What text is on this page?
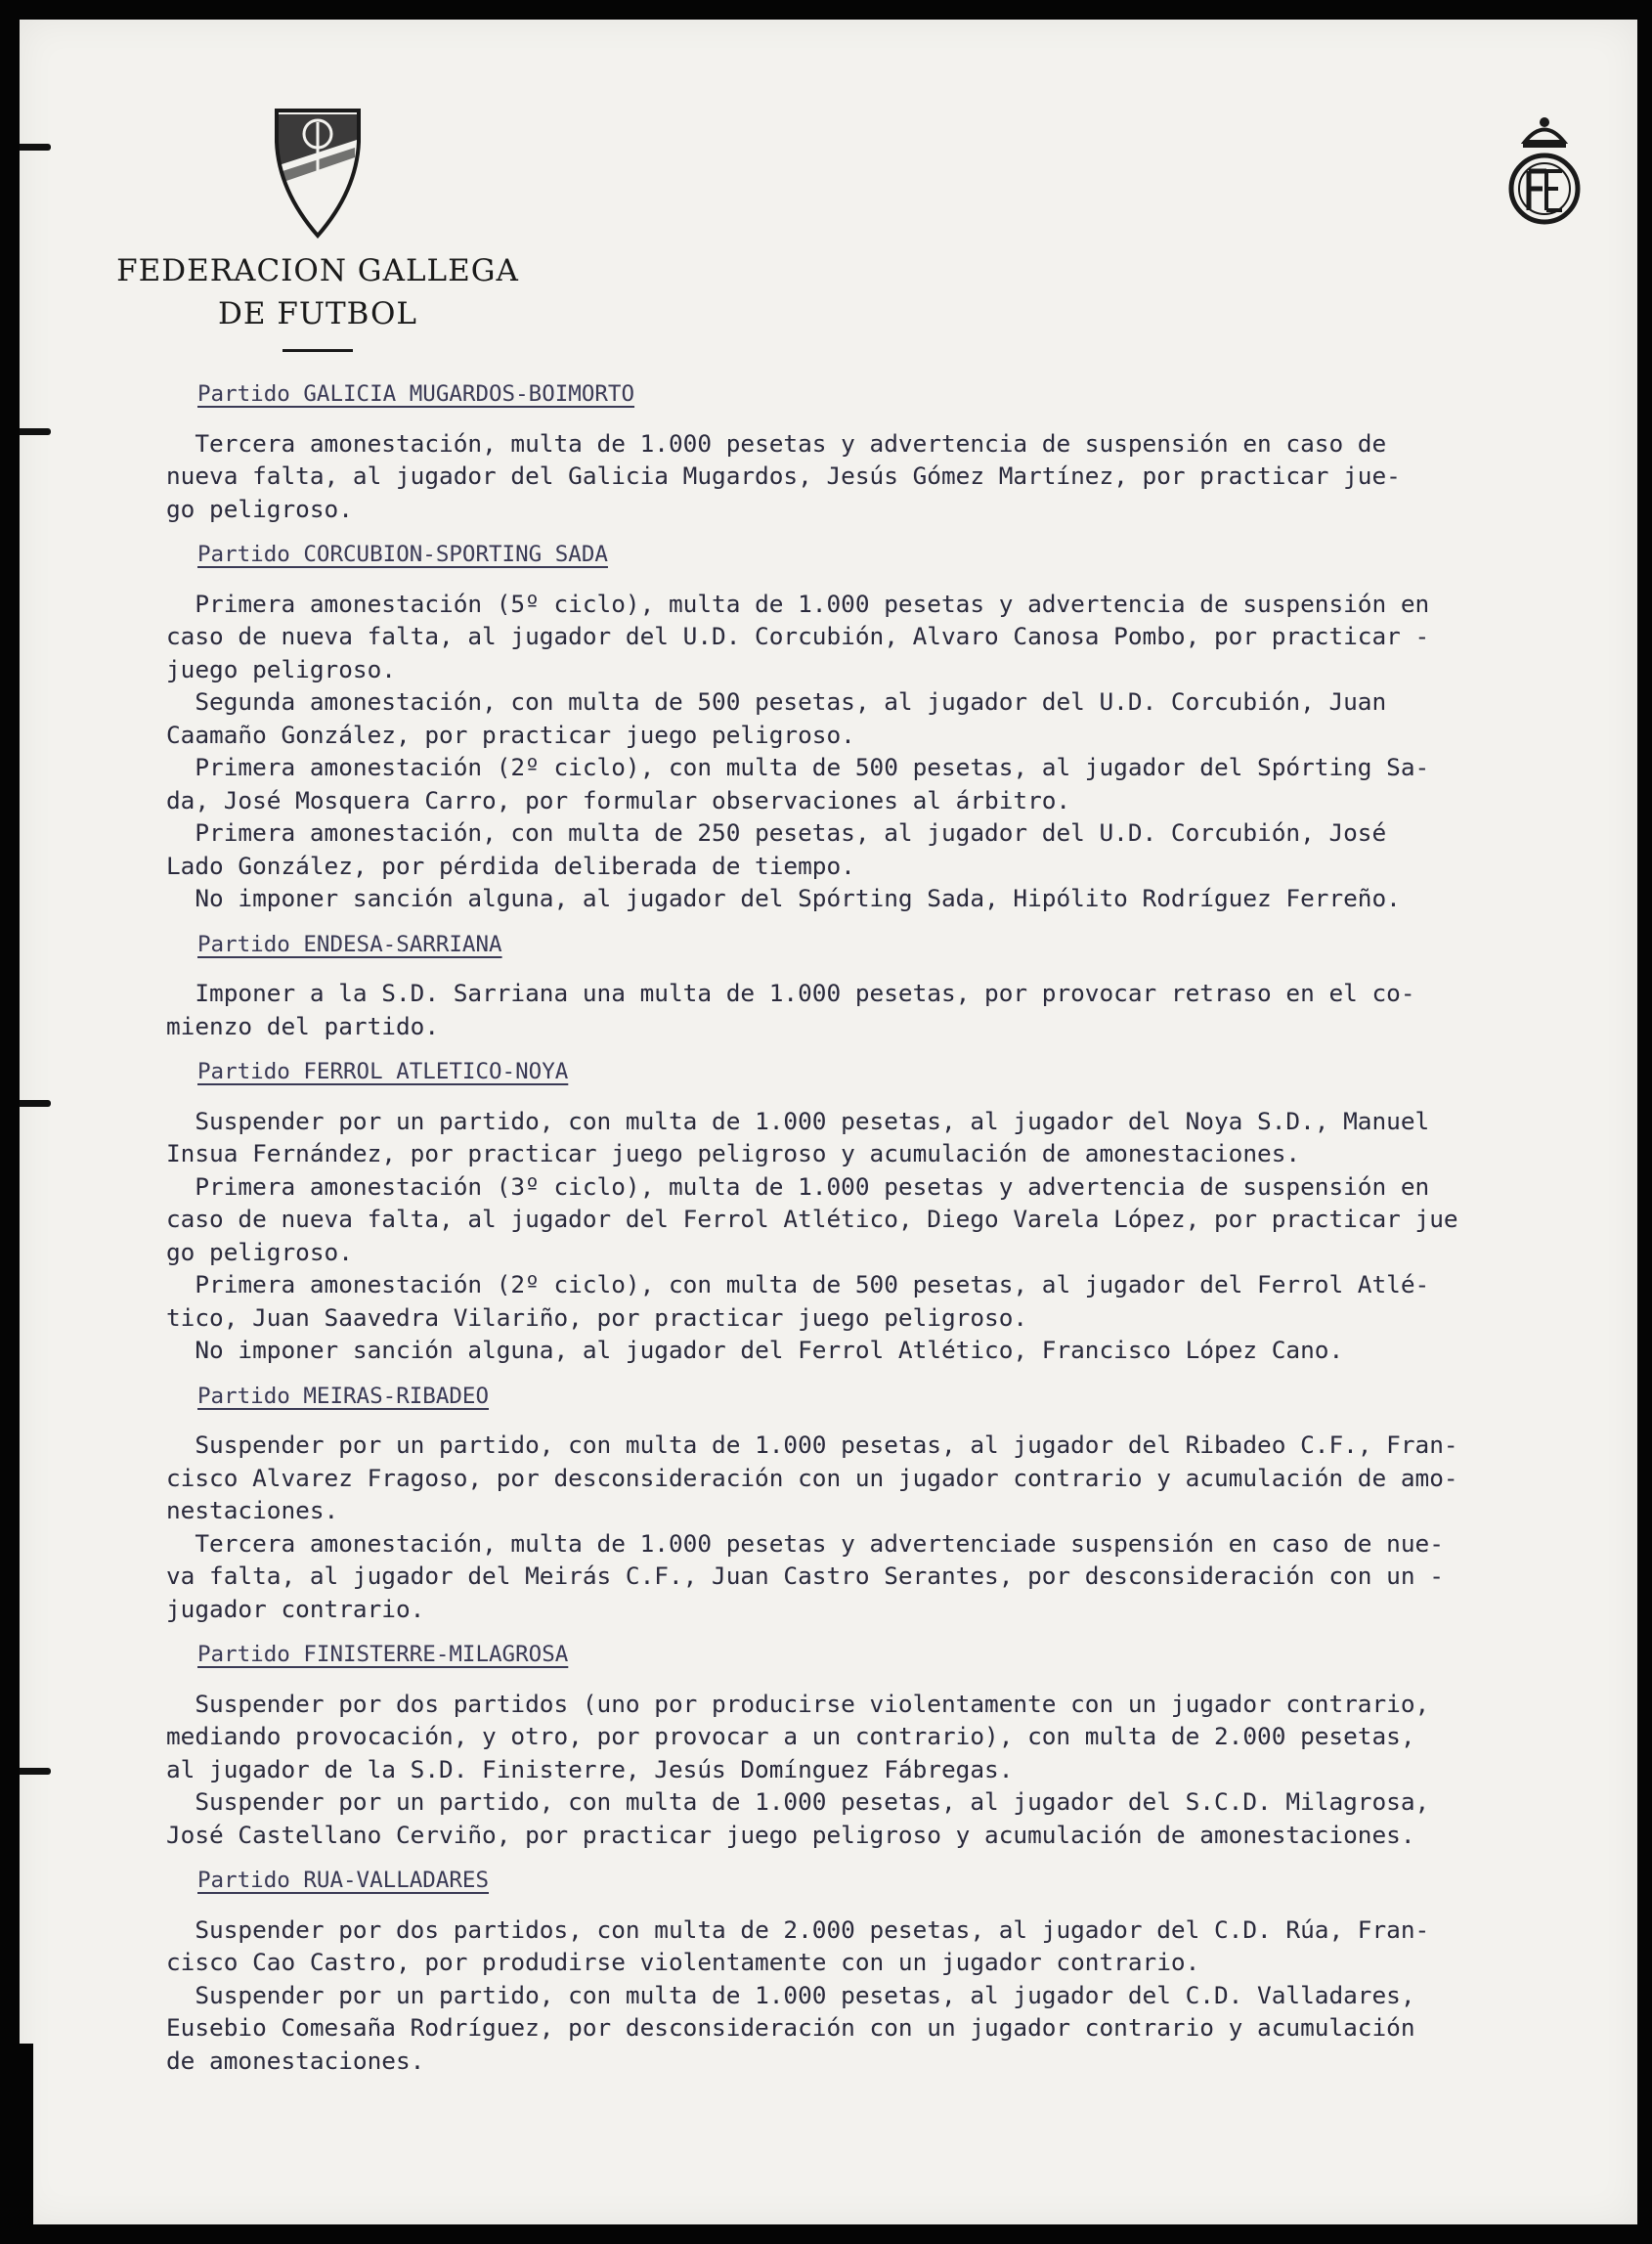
FEDERACION GALLEGA
DE FUTBOL
Partido GALICIA MUGARDOS-BOIMORTO

Tercera amonestación, multa de 1.000 pesetas y advertencia de suspensión en caso de
nueva falta, al jugador del Galicia Mugardos, Jesús Gómez Martínez, por practicar jue-
go peligroso.

Partido CORCUBION-SPORTING SADA

Primera amonestación (5º ciclo), multa de 1.000 pesetas y advertencia de suspensión en
caso de nueva falta, al jugador del U.D. Corcubión, Alvaro Canosa Pombo, por practicar -
juego peligroso.

Segunda amonestación, con multa de 500 pesetas, al jugador del U.D. Corcubión, Juan
Caamaño González, por practicar juego peligroso.

Primera amonestación (2º ciclo), con multa de 500 pesetas, al jugador del Spórting Sa-
da, José Mosquera Carro, por formular observaciones al árbitro.

Primera amonestación, con multa de 250 pesetas, al jugador del U.D. Corcubión, José
Lado González, por pérdida deliberada de tiempo.

No imponer sanción alguna, al jugador del Spórting Sada, Hipólito Rodríguez Ferreño.

Partido ENDESA-SARRIANA

Imponer a la S.D. Sarriana una multa de 1.000 pesetas, por provocar retraso en el co-
mienzo del partido.

Partido FERROL ATLETICO-NOYA

Suspender por un partido, con multa de 1.000 pesetas, al jugador del Noya S.D., Manuel
Insua Fernández, por practicar juego peligroso y acumulación de amonestaciones.

Primera amonestación (3º ciclo), multa de 1.000 pesetas y advertencia de suspensión en
caso de nueva falta, al jugador del Ferrol Atlético, Diego Varela López, por practicar jue
go peligroso.

Primera amonestación (2º ciclo), con multa de 500 pesetas, al jugador del Ferrol Atlé-
tico, Juan Saavedra Vilariño, por practicar juego peligroso.

No imponer sanción alguna, al jugador del Ferrol Atlético, Francisco López Cano.

Partido MEIRAS-RIBADEO

Suspender por un partido, con multa de 1.000 pesetas, al jugador del Ribadeo C.F., Fran-
cisco Alvarez Fragoso, por desconsideración con un jugador contrario y acumulación de amo-
nestaciones.

Tercera amonestación, multa de 1.000 pesetas y advertenciade suspensión en caso de nue-
va falta, al jugador del Meirás C.F., Juan Castro Serantes, por desconsideración con un -
jugador contrario.

Partido FINISTERRE-MILAGROSA

Suspender por dos partidos (uno por producirse violentamente con un jugador contrario,
mediando provocación, y otro, por provocar a un contrario), con multa de 2.000 pesetas,
al jugador de la S.D. Finisterre, Jesús Domínguez Fábregas.

Suspender por un partido, con multa de 1.000 pesetas, al jugador del S.C.D. Milagrosa,
José Castellano Cerviño, por practicar juego peligroso y acumulación de amonestaciones.

Partido RUA-VALLADARES

Suspender por dos partidos, con multa de 2.000 pesetas, al jugador del C.D. Rúa, Fran-
cisco Cao Castro, por produdirse violentamente con un jugador contrario.

Suspender por un partido, con multa de 1.000 pesetas, al jugador del C.D. Valladares,
Eusebio Comesaña Rodríguez, por desconsideración con un jugador contrario y acumulación
de amonestaciones.
